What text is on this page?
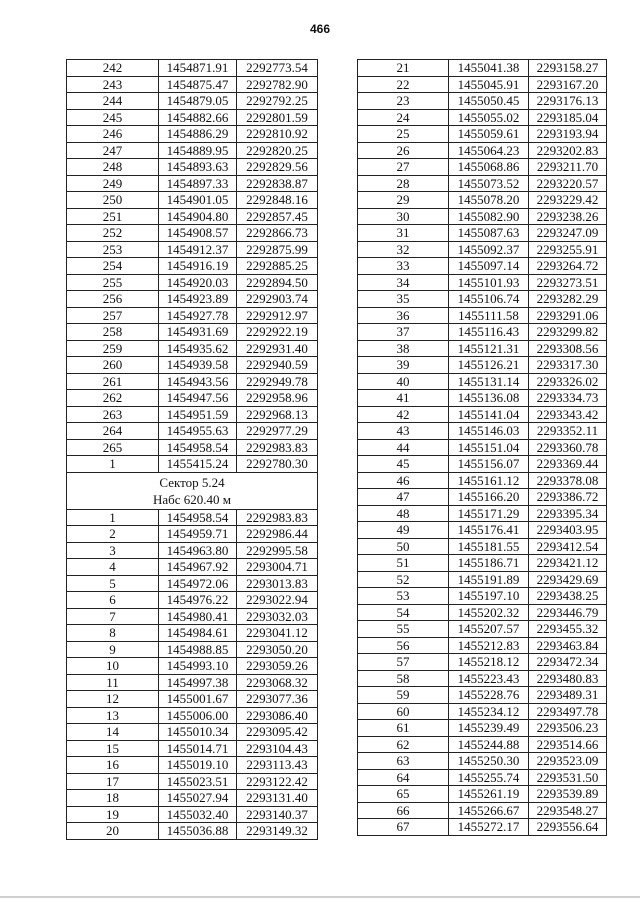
466
242	1454871.91	2292773.54
243	1454875.47	2292782.90
244	1454879.05	2292792.25
245	1454882.66	2292801.59
246	1454886.29	2292810.92
247	1454889.95	2292820.25
248	1454893.63	2292829.56
249	1454897.33	2292838.87
250	1454901.05	2292848.16
251	1454904.80	2292857.45
252	1454908.57	2292866.73
253	1454912.37	2292875.99
254	1454916.19	2292885.25
255	1454920.03	2292894.50
256	1454923.89	2292903.74
257	1454927.78	2292912.97
258	1454931.69	2292922.19
259	1454935.62	2292931.40
260	1454939.58	2292940.59
261	1454943.56	2292949.78
262	1454947.56	2292958.96
263	1454951.59	2292968.13
264	1454955.63	2292977.29
265	1454958.54	2292983.83
1	1455415.24	2292780.30

Сектор 5.24
Набс 620.40 м		

1	1454958.54	2292983.83
2	1454959.71	2292986.44
3	1454963.80	2292995.58
4	1454967.92	2293004.71
5	1454972.06	2293013.83
6	1454976.22	2293022.94
7	1454980.41	2293032.03
8	1454984.61	2293041.12
9	1454988.85	2293050.20
10	1454993.10	2293059.26
11	1454997.38	2293068.32
12	1455001.67	2293077.36
13	1455006.00	2293086.40
14	1455010.34	2293095.42
15	1455014.71	2293104.43
16	1455019.10	2293113.43
17	1455023.51	2293122.42
18	1455027.94	2293131.40
19	1455032.40	2293140.37
20	1455036.88	2293149.32
21	1455041.38	2293158.27
22	1455045.91	2293167.20
23	1455050.45	2293176.13
24	1455055.02	2293185.04
25	1455059.61	2293193.94
26	1455064.23	2293202.83
27	1455068.86	2293211.70
28	1455073.52	2293220.57
29	1455078.20	2293229.42
30	1455082.90	2293238.26
31	1455087.63	2293247.09
32	1455092.37	2293255.91
33	1455097.14	2293264.72
34	1455101.93	2293273.51
35	1455106.74	2293282.29
36	1455111.58	2293291.06
37	1455116.43	2293299.82
38	1455121.31	2293308.56
39	1455126.21	2293317.30
40	1455131.14	2293326.02
41	1455136.08	2293334.73
42	1455141.04	2293343.42
43	1455146.03	2293352.11
44	1455151.04	2293360.78
45	1455156.07	2293369.44
46	1455161.12	2293378.08
47	1455166.20	2293386.72
48	1455171.29	2293395.34
49	1455176.41	2293403.95
50	1455181.55	2293412.54
51	1455186.71	2293421.12
52	1455191.89	2293429.69
53	1455197.10	2293438.25
54	1455202.32	2293446.79
55	1455207.57	2293455.32
56	1455212.83	2293463.84
57	1455218.12	2293472.34
58	1455223.43	2293480.83
59	1455228.76	2293489.31
60	1455234.12	2293497.78
61	1455239.49	2293506.23
62	1455244.88	2293514.66
63	1455250.30	2293523.09
64	1455255.74	2293531.50
65	1455261.19	2293539.89
66	1455266.67	2293548.27
67	1455272.17	2293556.64
